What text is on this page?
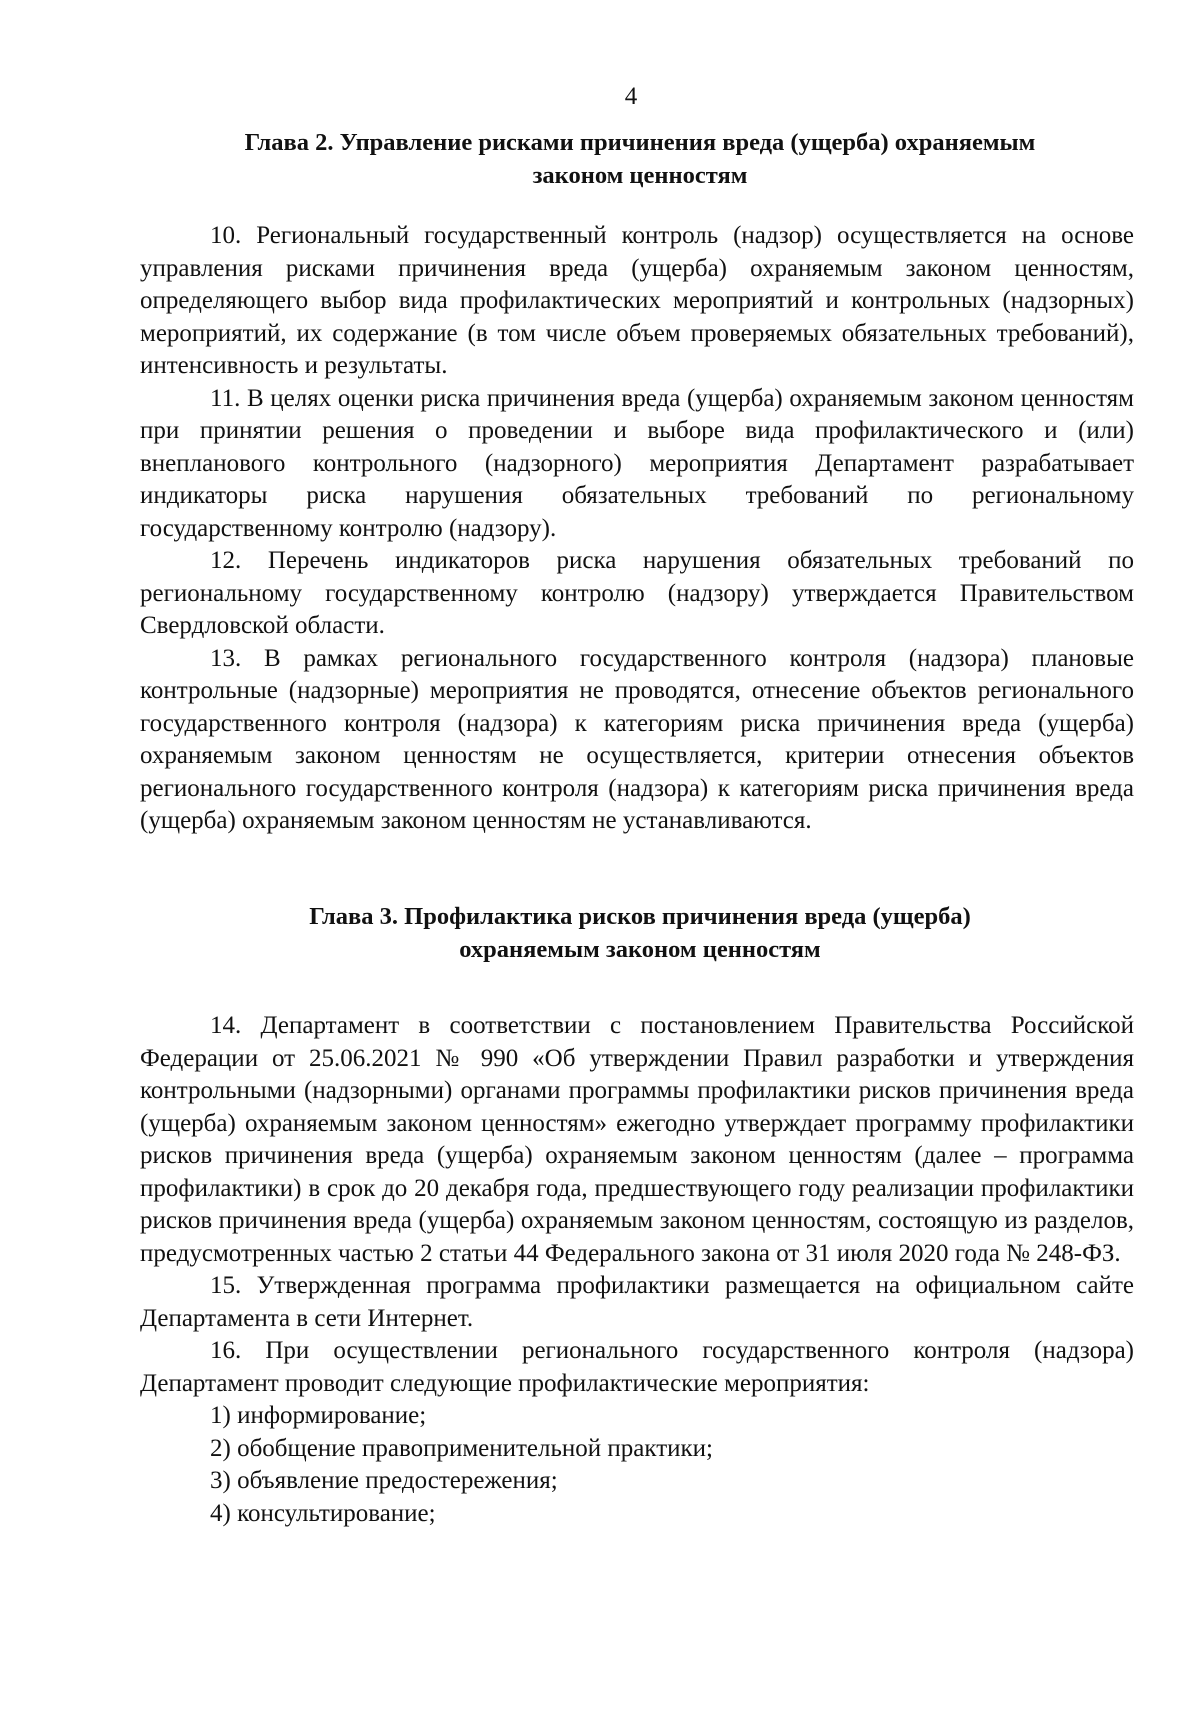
4
Глава 2. Управление рисками причинения вреда (ущерба) охраняемым
законом ценностям

10. Региональный государственный контроль (надзор) осуществляется на основе управления рисками причинения вреда (ущерба) охраняемым законом ценностям, определяющего выбор вида профилактических мероприятий и контрольных (надзорных) мероприятий, их содержание (в том числе объем проверяемых обязательных требований), интенсивность и результаты.

11. В целях оценки риска причинения вреда (ущерба) охраняемым законом ценностям при принятии решения о проведении и выборе вида профилактического и (или) внепланового контрольного (надзорного) мероприятия Департамент разрабатывает индикаторы риска нарушения обязательных требований по региональному государственному контролю (надзору).

12. Перечень индикаторов риска нарушения обязательных требований по региональному государственному контролю (надзору) утверждается Правительством Свердловской области.

13. В рамках регионального государственного контроля (надзора) плановые контрольные (надзорные) мероприятия не проводятся, отнесение объектов регионального государственного контроля (надзора) к категориям риска причинения вреда (ущерба) охраняемым законом ценностям не осуществляется, критерии отнесения объектов регионального государственного контроля (надзора) к категориям риска причинения вреда (ущерба) охраняемым законом ценностям не устанавливаются.

Глава 3. Профилактика рисков причинения вреда (ущерба)
охраняемым законом ценностям

14. Департамент в соответствии с постановлением Правительства Российской Федерации от 25.06.2021 № 990 «Об утверждении Правил разработки и утверждения контрольными (надзорными) органами программы профилактики рисков причинения вреда (ущерба) охраняемым законом ценностям» ежегодно утверждает программу профилактики рисков причинения вреда (ущерба) охраняемым законом ценностям (далее – программа профилактики) в срок до 20 декабря года, предшествующего году реализации профилактики рисков причинения вреда (ущерба) охраняемым законом ценностям, состоящую из разделов, предусмотренных частью 2 статьи 44 Федерального закона от 31 июля 2020 года № 248-ФЗ.

15. Утвержденная программа профилактики размещается на официальном сайте Департамента в сети Интернет.

16. При осуществлении регионального государственного контроля (надзора) Департамент проводит следующие профилактические мероприятия:

1) информирование;

2) обобщение правоприменительной практики;

3) объявление предостережения;

4) консультирование;
